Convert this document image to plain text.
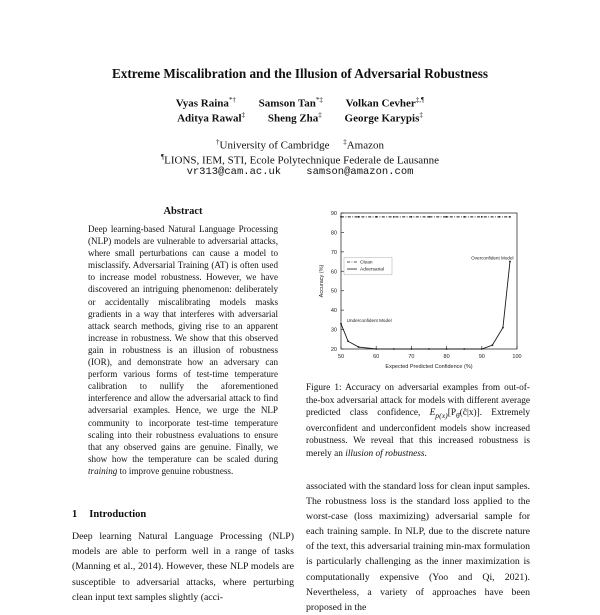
Extreme Miscalibration and the Illusion of Adversarial Robustness
Vyas Raina*† Samson Tan*‡ Volkan Cevher‡,¶
Aditya Rawal‡ Sheng Zha‡ George Karypis‡
†University of Cambridge ‡Amazon
¶LIONS, IEM, STI, Ecole Polytechnique Federale de Lausanne
vr313@cam.ac.uk    samson@amazon.com
Abstract

Deep learning-based Natural Language Processing (NLP) models are vulnerable to adversarial attacks, where small perturbations can cause a model to misclassify. Adversarial Training (AT) is often used to increase model robustness. However, we have discovered an intriguing phenomenon: deliberately or accidentally miscalibrating models masks gradients in a way that interferes with adversarial attack search methods, giving rise to an apparent increase in robustness. We show that this observed gain in robustness is an illusion of robustness (IOR), and demonstrate how an adversary can perform various forms of test-time temperature calibration to nullify the aforementioned interference and allow the adversarial attack to find adversarial examples. Hence, we urge the NLP community to incorporate test-time temperature scaling into their robustness evaluations to ensure that any observed gains are genuine. Finally, we show how the temperature can be scaled during training to improve genuine robustness.

1 Introduction

Deep learning Natural Language Processing (NLP) models are able to perform well in a range of tasks (Manning et al., 2014). However, these NLP models are susceptible to adversarial attacks, where perturbing clean input text samples slightly (acci-

50	60	70	80	90	100
20
30
40
50
60
70
80
90
Expected Predicted Confidence (%)
Accuracy (%)
Clean
Adversarial
Overconfident Model
Underconfident Model

Figure 1: Accuracy on adversarial examples from out-of-the-box adversarial attack for models with different average predicted class confidence, $E_{p(x)}[P_{\thetâ}(ĉ|x)]$. Extremely overconfident and underconfident models show increased robustness. We reveal that this increased robustness is merely an illusion of robustness.

associated with the standard loss for clean input samples. The robustness loss is the standard loss applied to the worst-case (loss maximizing) adversarial sample for each training sample. In NLP, due to the discrete nature of the text, this adversarial training min-max formulation is particularly challenging as the inner maximization is computationally expensive (Yoo and Qi, 2021). Nevertheless, a variety of approaches have been proposed in the
